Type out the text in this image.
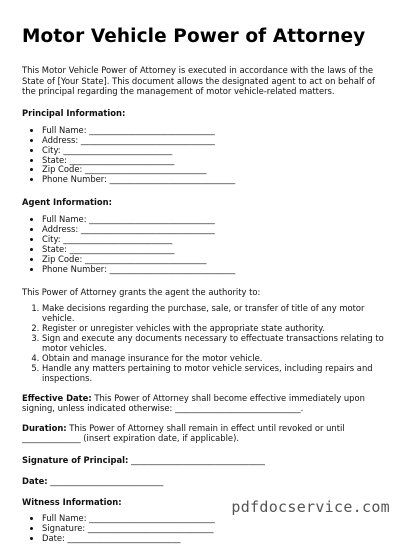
Motor Vehicle Power of Attorney

This Motor Vehicle Power of Attorney is executed in accordance with the laws of the State of [Your State]. This document allows the designated agent to act on behalf of the principal regarding the management of motor vehicle-related matters.

Principal Information:
• Full Name: ______________________________
• Address: ________________________________
• City: __________________________
• State: _________________________
• Zip Code: _____________________________
• Phone Number: ______________________________
Agent Information:
• Full Name: ______________________________
• Address: ________________________________
• City: __________________________
• State: _________________________
• Zip Code: _____________________________
• Phone Number: ______________________________

This Power of Attorney grants the agent the authority to:

1. Make decisions regarding the purchase, sale, or transfer of title of any motor vehicle.
2. Register or unregister vehicles with the appropriate state authority.
3. Sign and execute any documents necessary to effectuate transactions relating to motor vehicles.
4. Obtain and manage insurance for the motor vehicle.
5. Handle any matters pertaining to motor vehicle services, including repairs and inspections.

Effective Date: This Power of Attorney shall become effective immediately upon signing, unless indicated otherwise: ______________________________.

Duration: This Power of Attorney shall remain in effect until revoked or until ______________ (insert expiration date, if applicable).

Signature of Principal: ________________________________
Date: ___________________________
Witness Information:
• Full Name: ______________________________
• Signature: ______________________________
• Date: ___________________________
pdfdocservice.com
